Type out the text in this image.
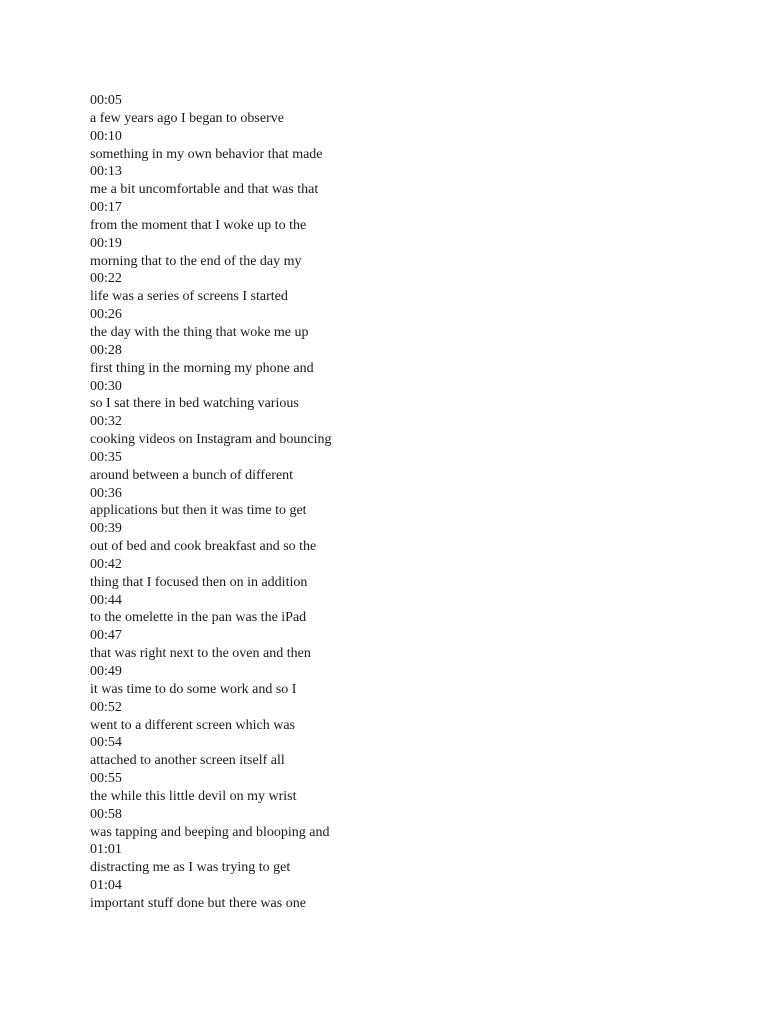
00:05
a few years ago I began to observe
00:10
something in my own behavior that made
00:13
me a bit uncomfortable and that was that
00:17
from the moment that I woke up to the
00:19
morning that to the end of the day my
00:22
life was a series of screens I started
00:26
the day with the thing that woke me up
00:28
first thing in the morning my phone and
00:30
so I sat there in bed watching various
00:32
cooking videos on Instagram and bouncing
00:35
around between a bunch of different
00:36
applications but then it was time to get
00:39
out of bed and cook breakfast and so the
00:42
thing that I focused then on in addition
00:44
to the omelette in the pan was the iPad
00:47
that was right next to the oven and then
00:49
it was time to do some work and so I
00:52
went to a different screen which was
00:54
attached to another screen itself all
00:55
the while this little devil on my wrist
00:58
was tapping and beeping and blooping and
01:01
distracting me as I was trying to get
01:04
important stuff done but there was one
